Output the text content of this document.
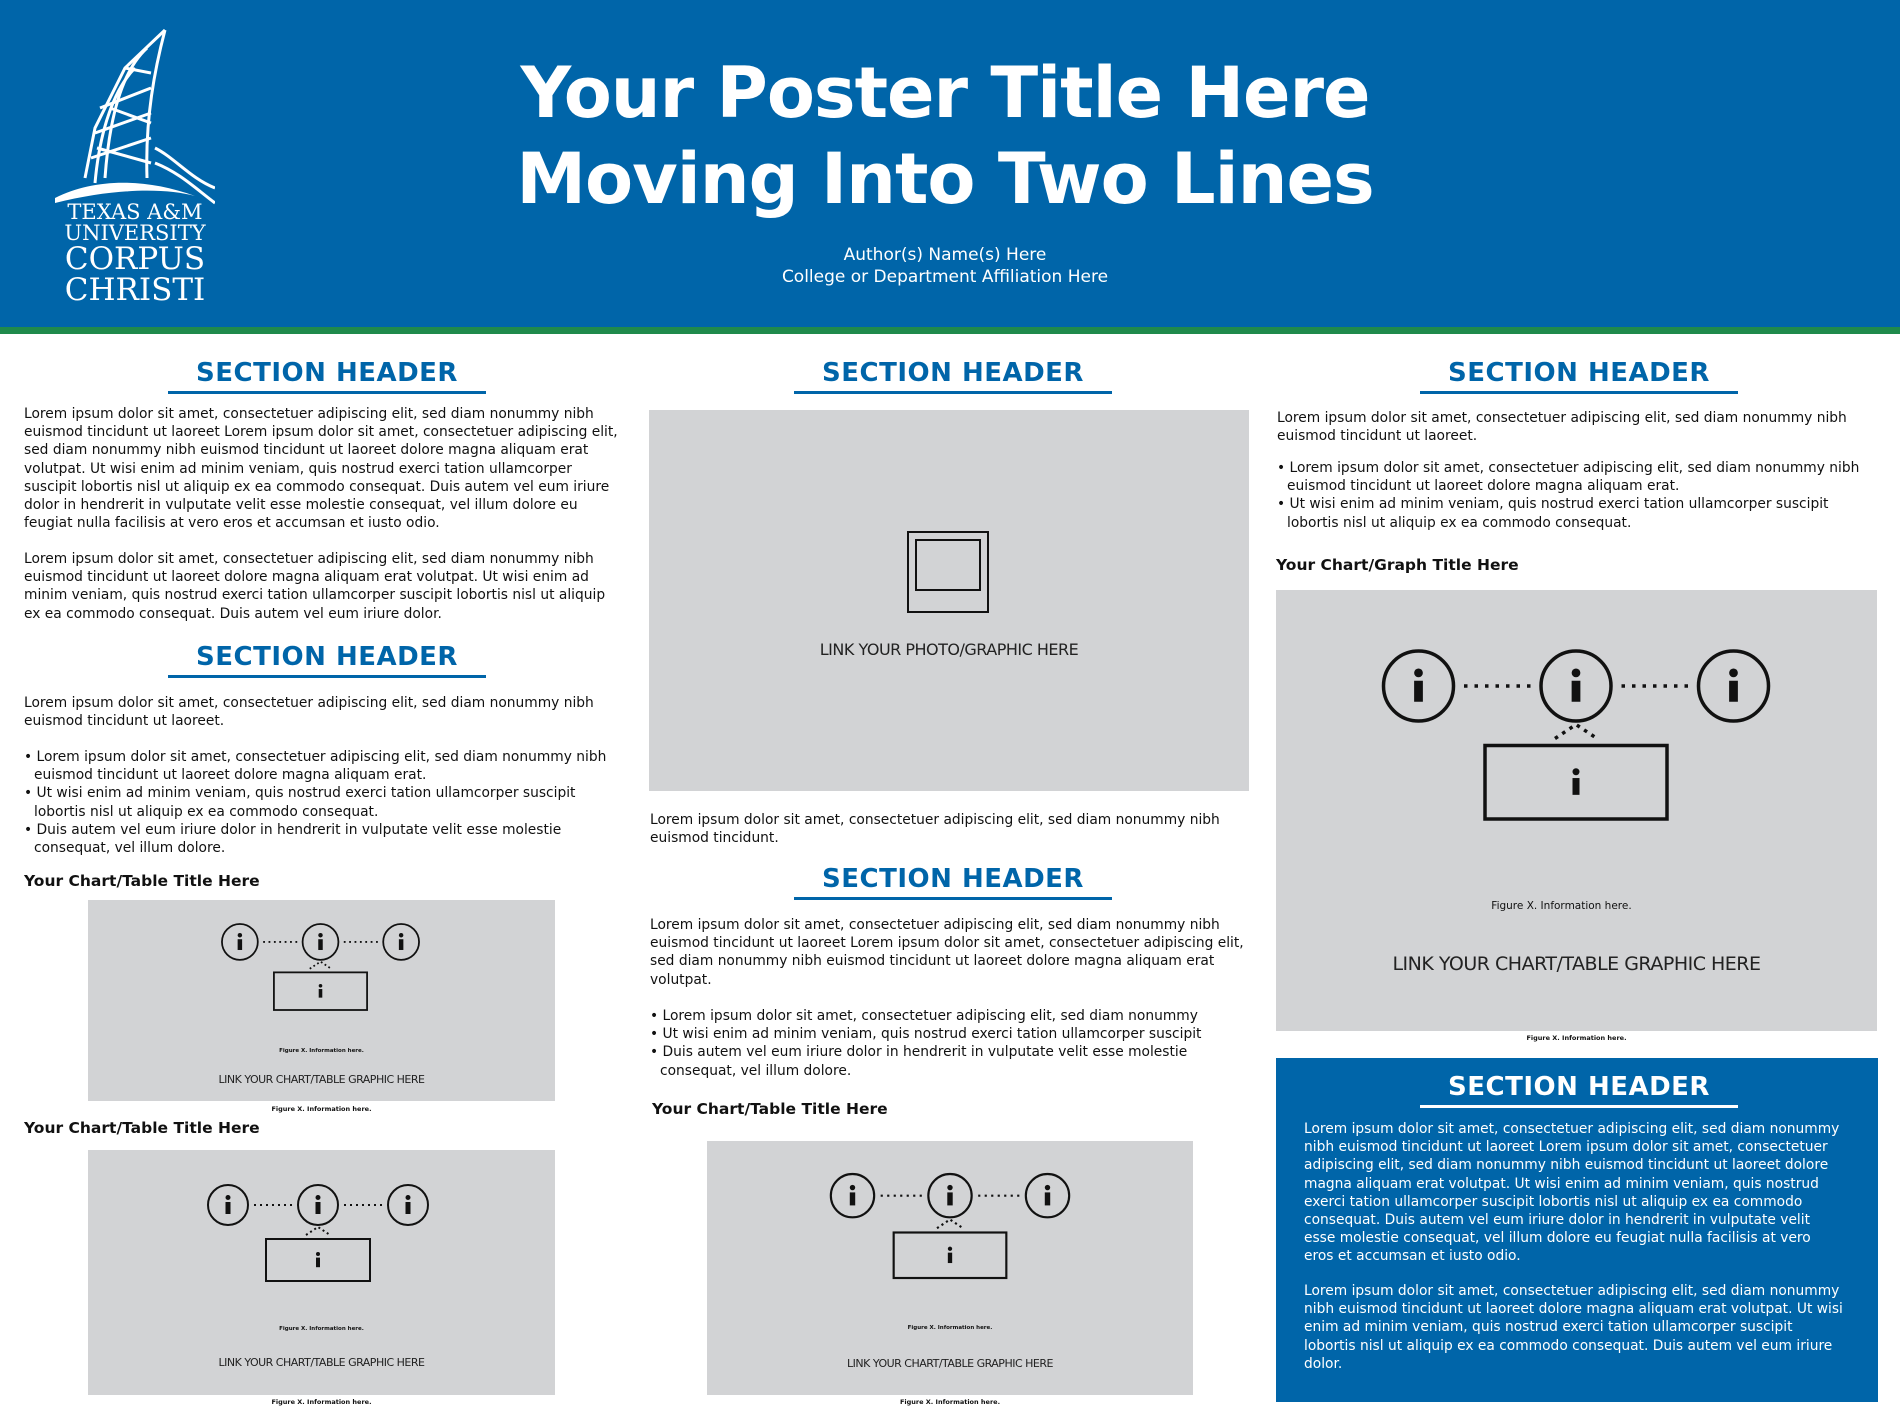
TEXAS A&M
UNIVERSITY
CORPUS
CHRISTI
Your Poster Title Here
Moving Into Two Lines
Author(s) Name(s) Here
College or Department Affiliation Here
SECTION HEADER
Lorem ipsum dolor sit amet, consectetuer adipiscing elit, sed diam nonummy nibh euismod tincidunt ut laoreet Lorem ipsum dolor sit amet, consectetuer adipiscing elit, sed diam nonummy nibh euismod tincidunt ut laoreet dolore magna aliquam erat volutpat. Ut wisi enim ad minim veniam, quis nostrud exerci tation ullamcorper suscipit lobortis nisl ut aliquip ex ea commodo consequat. Duis autem vel eum iriure dolor in hendrerit in vulputate velit esse molestie consequat, vel illum dolore eu feugiat nulla facilisis at vero eros et accumsan et iusto odio.
Lorem ipsum dolor sit amet, consectetuer adipiscing elit, sed diam nonummy nibh euismod tincidunt ut laoreet dolore magna aliquam erat volutpat. Ut wisi enim ad minim veniam, quis nostrud exerci tation ullamcorper suscipit lobortis nisl ut aliquip ex ea commodo consequat. Duis autem vel eum iriure dolor.
SECTION HEADER
Lorem ipsum dolor sit amet, consectetuer adipiscing elit, sed diam nonummy nibh euismod tincidunt ut laoreet.
• Lorem ipsum dolor sit amet, consectetuer adipiscing elit, sed diam nonummy nibh euismod tincidunt ut laoreet dolore magna aliquam erat.
• Ut wisi enim ad minim veniam, quis nostrud exerci tation ullamcorper suscipit lobortis nisl ut aliquip ex ea commodo consequat.
• Duis autem vel eum iriure dolor in hendrerit in vulputate velit esse molestie consequat, vel illum dolore.
Your Chart/Table Title Here
Figure X. Information here.
LINK YOUR CHART/TABLE GRAPHIC HERE
Figure X. Information here.
Your Chart/Table Title Here
Figure X. Information here.
LINK YOUR CHART/TABLE GRAPHIC HERE
Figure X. Information here.
SECTION HEADER
LINK YOUR PHOTO/GRAPHIC HERE
Lorem ipsum dolor sit amet, consectetuer adipiscing elit, sed diam nonummy nibh euismod tincidunt.
SECTION HEADER
Lorem ipsum dolor sit amet, consectetuer adipiscing elit, sed diam nonummy nibh euismod tincidunt ut laoreet Lorem ipsum dolor sit amet, consectetuer adipiscing elit, sed diam nonummy nibh euismod tincidunt ut laoreet dolore magna aliquam erat volutpat.
• Lorem ipsum dolor sit amet, consectetuer adipiscing elit, sed diam nonummy
• Ut wisi enim ad minim veniam, quis nostrud exerci tation ullamcorper suscipit
• Duis autem vel eum iriure dolor in hendrerit in vulputate velit esse molestie consequat, vel illum dolore.
Your Chart/Table Title Here
Figure X. Information here.
LINK YOUR CHART/TABLE GRAPHIC HERE
Figure X. Information here.
SECTION HEADER
Lorem ipsum dolor sit amet, consectetuer adipiscing elit, sed diam nonummy nibh euismod tincidunt ut laoreet.
• Lorem ipsum dolor sit amet, consectetuer adipiscing elit, sed diam nonummy nibh euismod tincidunt ut laoreet dolore magna aliquam erat.
• Ut wisi enim ad minim veniam, quis nostrud exerci tation ullamcorper suscipit lobortis nisl ut aliquip ex ea commodo consequat.
Your Chart/Graph Title Here
Figure X. Information here.
LINK YOUR CHART/TABLE GRAPHIC HERE
Figure X. Information here.
SECTION HEADER
Lorem ipsum dolor sit amet, consectetuer adipiscing elit, sed diam nonummy nibh euismod tincidunt ut laoreet Lorem ipsum dolor sit amet, consectetuer adipiscing elit, sed diam nonummy nibh euismod tincidunt ut laoreet dolore magna aliquam erat volutpat. Ut wisi enim ad minim veniam, quis nostrud exerci tation ullamcorper suscipit lobortis nisl ut aliquip ex ea commodo consequat. Duis autem vel eum iriure dolor in hendrerit in vulputate velit esse molestie consequat, vel illum dolore eu feugiat nulla facilisis at vero eros et accumsan et iusto odio.
Lorem ipsum dolor sit amet, consectetuer adipiscing elit, sed diam nonummy nibh euismod tincidunt ut laoreet dolore magna aliquam erat volutpat. Ut wisi enim ad minim veniam, quis nostrud exerci tation ullamcorper suscipit lobortis nisl ut aliquip ex ea commodo consequat. Duis autem vel eum iriure dolor.
